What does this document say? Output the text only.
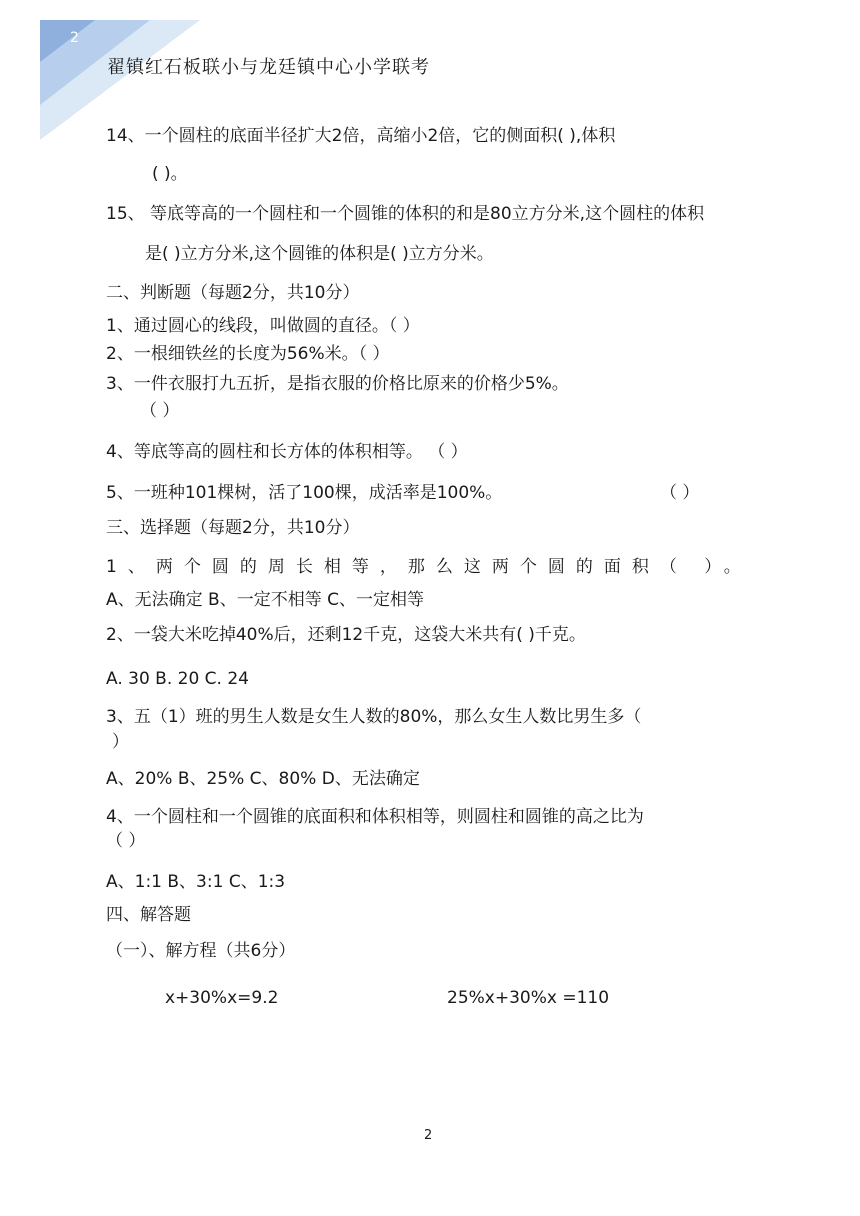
2
翟镇红石板联小与龙廷镇中心小学联考
14、一个圆柱的底面半径扩大2倍，高缩小2倍，它的侧面积( ),体积
( )。
15、 等底等高的一个圆柱和一个圆锥的体积的和是80立方分米,这个圆柱的体积
是( )立方分米,这个圆锥的体积是( )立方分米。
二、判断题（每题2分，共10分）
1、通过圆心的线段，叫做圆的直径。（ ）
2、一根细铁丝的长度为56%米。（ ）
3、一件衣服打九五折，是指衣服的价格比原来的价格少5%。
（ ）
4、等底等高的圆柱和长方体的体积相等。 （ ）
5、一班种101棵树，活了100棵，成活率是100%。	（ ）
三、选择题（每题2分，共10分）
1、两个圆的周长相等，那么这两个圆的面积（ ）。
A、无法确定 B、一定不相等 C、一定相等
2、一袋大米吃掉40%后，还剩12千克，这袋大米共有( )千克。
A. 30 B. 20 C. 24
3、五（1）班的男生人数是女生人数的80%，那么女生人数比男生多（
）
A、20% B、25% C、80% D、无法确定
4、一个圆柱和一个圆锥的底面积和体积相等，则圆柱和圆锥的高之比为
（ ）
A、1:1 B、3:1 C、1:3
四、解答题
（一）、解方程（共6分）
x+30%x=9.2	25%x+30%x =110
2
